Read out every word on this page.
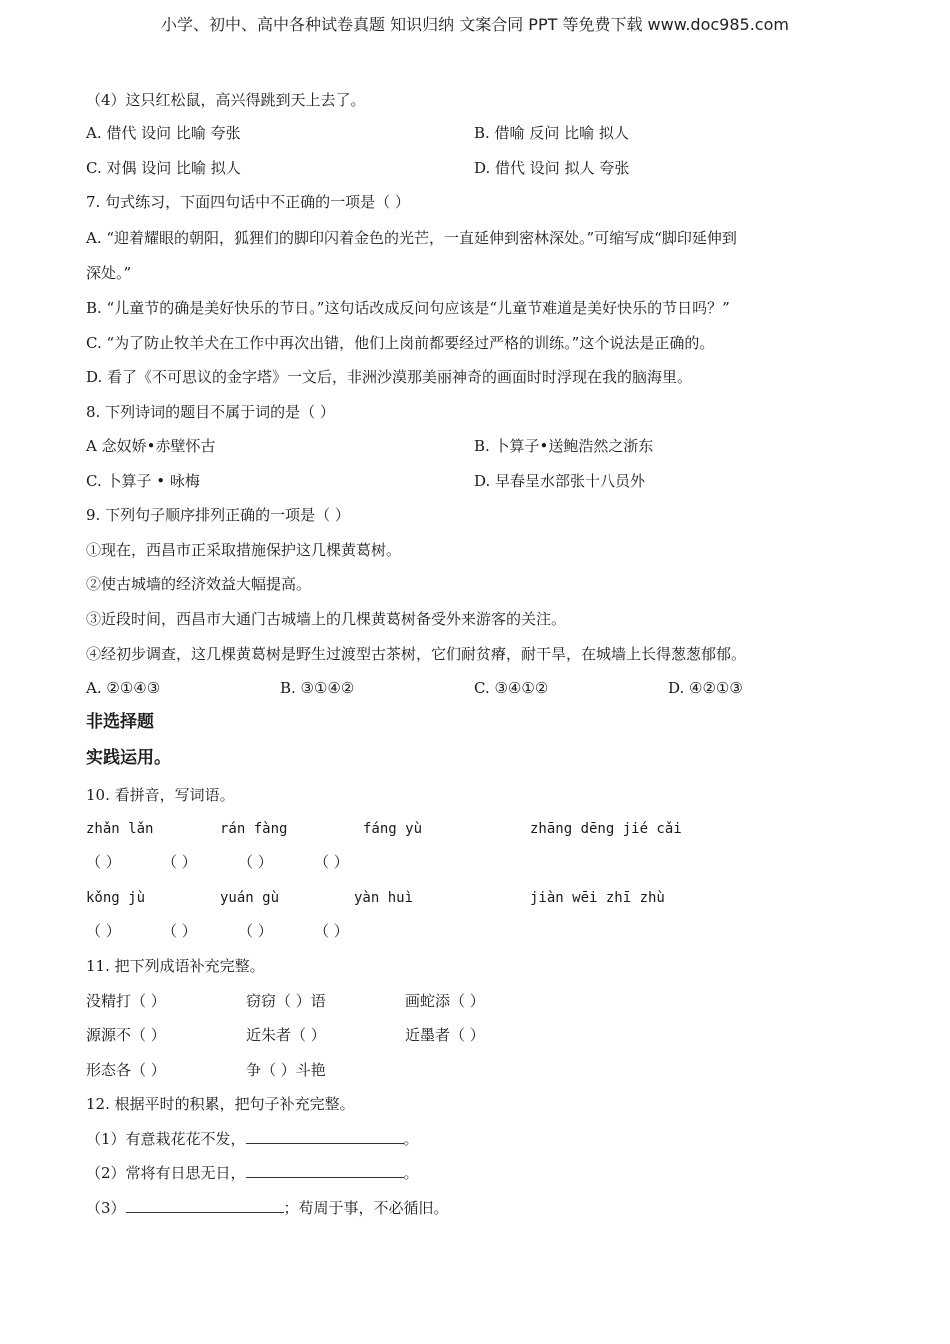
小学、初中、高中各种试卷真题 知识归纳 文案合同 PPT 等免费下载 www.doc985.com
（4）这只红松鼠，高兴得跳到天上去了。
A. 借代 设问 比喻 夸张	B. 借喻 反问 比喻 拟人
C. 对偶 设问 比喻 拟人	D. 借代 设问 拟人 夸张
7. 句式练习，下面四句话中不正确的一项是（ ）
A. “迎着耀眼的朝阳，狐狸们的脚印闪着金色的光芒，一直延伸到密林深处。”可缩写成“脚印延伸到
深处。”
B. “儿童节的确是美好快乐的节日。”这句话改成反问句应该是“儿童节难道是美好快乐的节日吗？”
C. “为了防止牧羊犬在工作中再次出错，他们上岗前都要经过严格的训练。”这个说法是正确的。
D. 看了《不可思议的金字塔》一文后，非洲沙漠那美丽神奇的画面时时浮现在我的脑海里。
8. 下列诗词的题目不属于词的是（ ）
A 念奴娇•赤壁怀古	B. 卜算子•送鲍浩然之浙东
C. 卜算子 • 咏梅	D. 早春呈水部张十八员外
9. 下列句子顺序排列正确的一项是（ ）
①现在，西昌市正采取措施保护这几棵黄葛树。
②使古城墙的经济效益大幅提高。
③近段时间，西昌市大通门古城墙上的几棵黄葛树备受外来游客的关注。
④经初步调查，这几棵黄葛树是野生过渡型古茶树，它们耐贫瘠，耐干旱，在城墙上长得葱葱郁郁。
A. ②①④③	B. ③①④②	C. ③④①②	D. ④②①③
非选择题
实践运用。
10. 看拼音，写词语。
zhǎn lǎn	rán fàng	fáng yù	zhāng dēng jié cǎi
（ ）	（ ）	（ ）	（ ）
kǒng jù	yuán gù	yàn huì	jiàn wēi zhī zhù
（ ）	（ ）	（ ）	（ ）
11. 把下列成语补充完整。
没精打（ ）	窃窃（ ）语	画蛇添（ ）
源源不（ ）	近朱者（ ）	近墨者（ ）
形态各（ ）	争（ ）斗艳
12. 根据平时的积累，把句子补充完整。
（1）有意栽花花不发，	。
（2）常将有日思无日，	。
（3）	；苟周于事，不必循旧。
